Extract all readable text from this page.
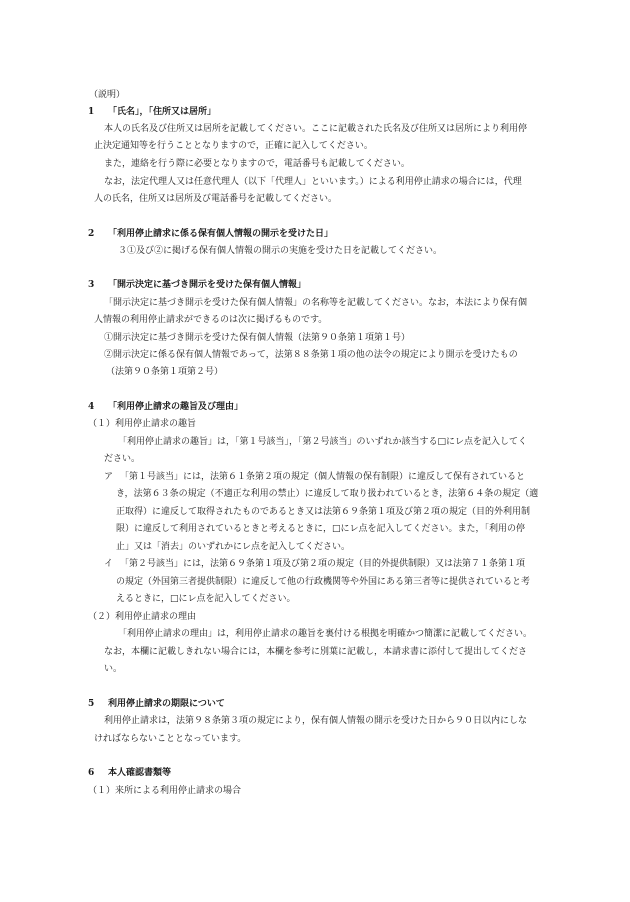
（説明）
1 「氏名」，「住所又は居所」
本人の氏名及び住所又は居所を記載してください。ここに記載された氏名及び住所又は居所により利用停
止決定通知等を行うこととなりますので，正確に記入してください。
また，連絡を行う際に必要となりますので，電話番号も記載してください。
なお，法定代理人又は任意代理人（以下「代理人」といいます。）による利用停止請求の場合には，代理
人の氏名，住所又は居所及び電話番号を記載してください。
2 「利用停止請求に係る保有個人情報の開示を受けた日」
３①及び②に掲げる保有個人情報の開示の実施を受けた日を記載してください。
3 「開示決定に基づき開示を受けた保有個人情報」
「開示決定に基づき開示を受けた保有個人情報」の名称等を記載してください。なお，本法により保有個
人情報の利用停止請求ができるのは次に掲げるものです。
①開示決定に基づき開示を受けた保有個人情報（法第９０条第１項第１号）
②開示決定に係る保有個人情報であって，法第８８条第１項の他の法令の規定により開示を受けたもの
（法第９０条第１項第２号）
4 「利用停止請求の趣旨及び理由」
（１）利用停止請求の趣旨
「利用停止請求の趣旨」は，「第１号該当」，「第２号該当」のいずれか該当する□にレ点を記入してく
ださい。
ア 「第１号該当」には，法第６１条第２項の規定（個人情報の保有制限）に違反して保有されていると
き，法第６３条の規定（不適正な利用の禁止）に違反して取り扱われているとき，法第６４条の規定（適
正取得）に違反して取得されたものであるとき又は法第６９条第１項及び第２項の規定（目的外利用制
限）に違反して利用されているときと考えるときに，□にレ点を記入してください。また，「利用の停
止」又は「消去」のいずれかにレ点を記入してください。
イ 「第２号該当」には，法第６９条第１項及び第２項の規定（目的外提供制限）又は法第７１条第１項
の規定（外国第三者提供制限）に違反して他の行政機関等や外国にある第三者等に提供されていると考
えるときに，□にレ点を記入してください。
（２）利用停止請求の理由
「利用停止請求の理由」は，利用停止請求の趣旨を裏付ける根拠を明確かつ簡潔に記載してください。
なお，本欄に記載しきれない場合には，本欄を参考に別葉に記載し，本請求書に添付して提出してくださ
い。
5 利用停止請求の期限について
利用停止請求は，法第９８条第３項の規定により，保有個人情報の開示を受けた日から９０日以内にしな
ければならないこととなっています。
6 本人確認書類等
（１）来所による利用停止請求の場合
